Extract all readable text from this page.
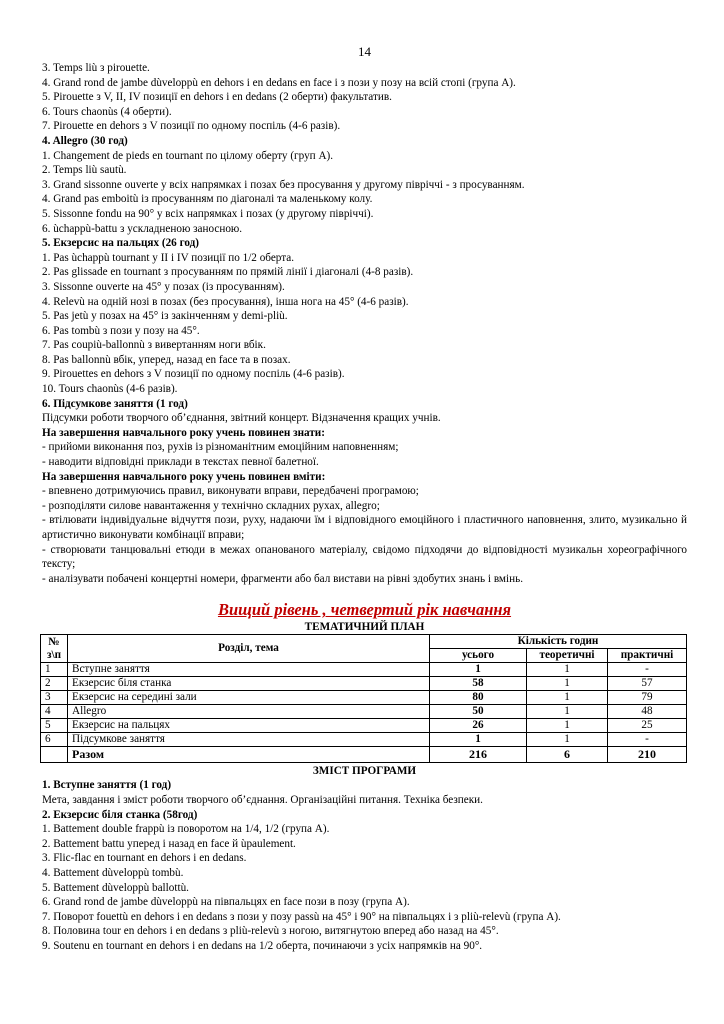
14
3. Temps liù з pirouette.
4. Grand rond de jambe dùveloppù en dehors і en dedans en face і з пози у позу на всій стопі (група А).
5. Pirouette з V, II, IV позиції en dehors і en dedans (2 оберти) факультатив.
6. Tours chaonùs (4 оберти).
7. Pirouette en dehors з V позиції по одному поспіль (4-6 разів).
4. Allegro (30 год)
1. Changement de pieds en tournant по цілому оберту (груп А).
2. Temps liù sautù.
3. Grand sissonne ouverte у всіх напрямках і позах без просування у другому півріччі - з просуванням.
4. Grand pas emboitù із просуванням по діагоналі та маленькому колу.
5. Sissonne fondu на 90° у всіх напрямках і позах (у другому півріччі).
6. ùchappù-battu з ускладненою заносною.
5. Екзерсис на пальцях (26 год)
1. Pas ùchappù tournant у II і IV позиції по 1/2 оберта.
2. Pas glissade en tournant з просуванням по прямій лінії і діагоналі (4-8 разів).
3. Sissonne ouverte на 45° у позах (із просуванням).
4. Relevù на одній нозі в позах (без просування), інша нога на 45° (4-6 разів).
5. Pas jetù у позах на 45° із закінченням у demi-pliù.
6. Pas tombù з пози у позу на 45°.
7. Pas coupiù-ballonnù з вивертанням ноги вбік.
8. Pas ballonnù вбік, уперед, назад en face та в позах.
9. Pirouettes en dehors з V позиції по одному поспіль (4-6 разів).
10. Tours chaonùs (4-6 разів).
6. Підсумкове заняття (1 год)
Підсумки роботи творчого об’єднання, звітний концерт. Відзначення кращих учнів.
На завершення навчального року учень повинен знати:
- прийоми виконання поз, рухів із різноманітним емоційним наповненням;
- наводити відповідні приклади в текстах певної балетної.
На завершення навчального року учень повинен вміти:
- впевнено дотримуючись правил, виконувати вправи, передбачені програмою;
- розподіляти силове навантаження у технічно складних рухах, allegro;
- втілювати індивідуальне відчуття пози, руху, надаючи їм і відповідного емоційного і пластичного наповнення, злито, музикально й артистично виконувати комбінації вправи;
- створювати танцювальні етюди в межах опанованого матеріалу, свідомо підходячи до відповідності музикальн хореографічного тексту;
- аналізувати побачені концертні номери, фрагменти або бал вистави на рівні здобутих знань і вмінь.
Вищий рівень , четвертий рік навчання
ТЕМАТИЧНИЙ ПЛАН
№ з\п	Розділ, тема	Кількість годин		
		усього	теоретичні	практичні
1	Вступне заняття	1	1	-
2	Екзерсис біля станка	58	1	57
3	Екзерсис на середині зали	80	1	79
4	Allegro	50	1	48
5	Екзерсис на пальцях	26	1	25
6	Підсумкове заняття	1	1	-
	Разом	216	6	210
ЗМІСТ ПРОГРАМИ
1. Вступне заняття (1 год)
Мета, завдання і зміст роботи творчого об’єднання. Організаційні питання. Техніка безпеки.
2. Екзерсис біля станка (58год)
1. Battement double frappù із поворотом на 1/4, 1/2 (група А).
2. Battement battu уперед і назад en face й ùpaulement.
3. Flic-flac en tournant en dehors і en dedans.
4. Battement dùveloppù tombù.
5. Battement dùveloppù ballottù.
6. Grand rond de jambe dùveloppù на півпальцях en face пози в позу (група А).
7. Поворот fouettù en dehors і en dedans з пози у позу passù на 45° і 90° на півпальцях і з pliù-relevù (група А).
8. Половина tour en dehors і en dedans з pliù-relevù з ногою, витягнутою вперед або назад на 45°.
9. Soutenu en tournant en dehors і en dedans на 1/2 оберта, починаючи з усіх напрямків на 90°.
